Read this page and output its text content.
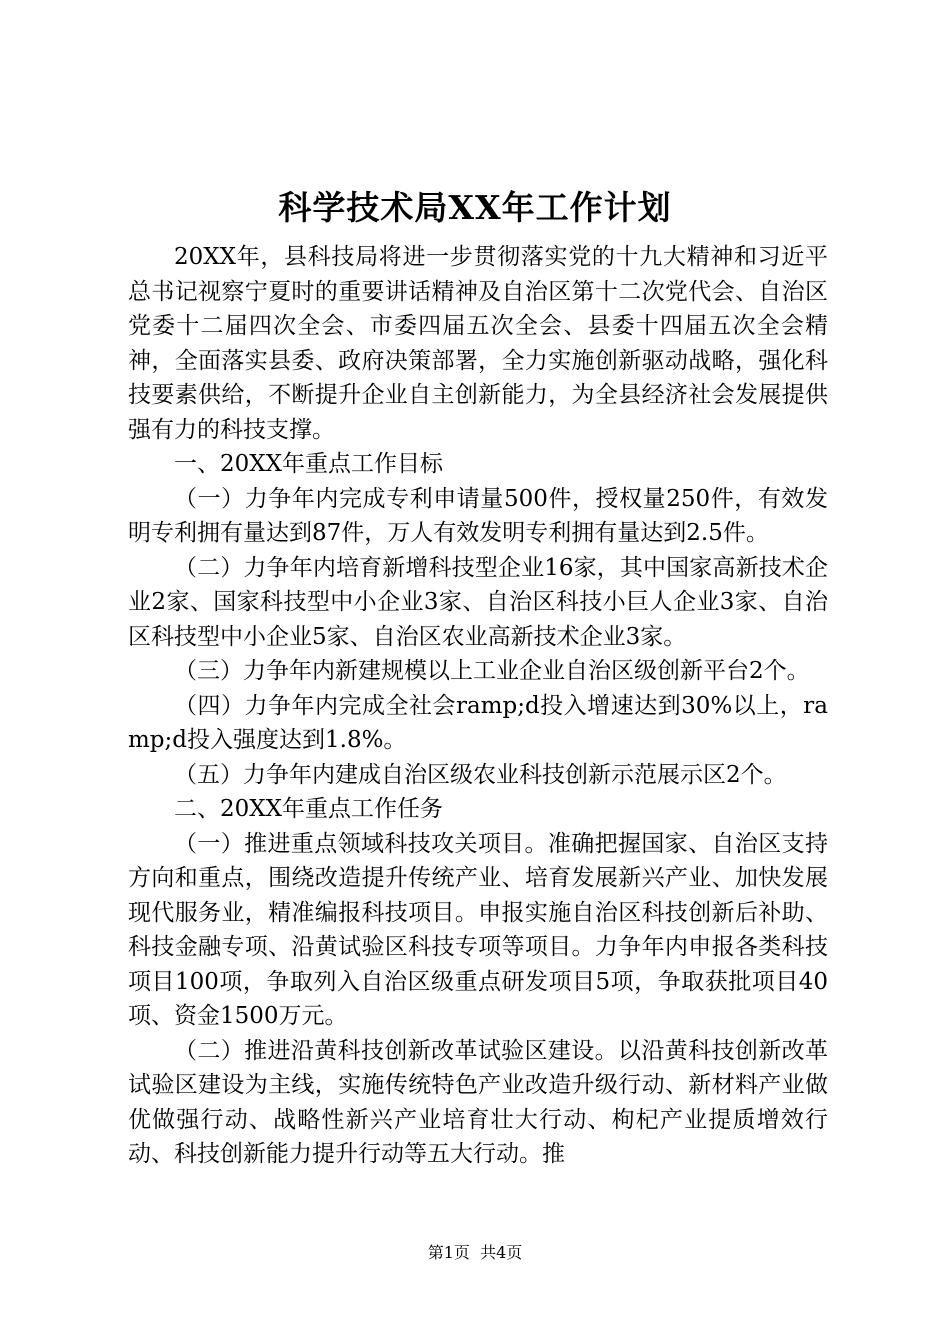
科学技术局XX年工作计划

20XX年，县科技局将进一步贯彻落实党的十九大精神和习近平总书记视察宁夏时的重要讲话精神及自治区第十二次党代会、自治区党委十二届四次全会、市委四届五次全会、县委十四届五次全会精神，全面落实县委、政府决策部署，全力实施创新驱动战略，强化科技要素供给，不断提升企业自主创新能力，为全县经济社会发展提供强有力的科技支撑。

一、20XX年重点工作目标

（一）力争年内完成专利申请量500件，授权量250件，有效发明专利拥有量达到87件，万人有效发明专利拥有量达到2.5件。

（二）力争年内培育新增科技型企业16家，其中国家高新技术企业2家、国家科技型中小企业3家、自治区科技小巨人企业3家、自治区科技型中小企业5家、自治区农业高新技术企业3家。

（三）力争年内新建规模以上工业企业自治区级创新平台2个。

（四）力争年内完成全社会ramp;d投入增速达到30%以上，ramp;d投入强度达到1.8%。

（五）力争年内建成自治区级农业科技创新示范展示区2个。

二、20XX年重点工作任务

（一）推进重点领域科技攻关项目。准确把握国家、自治区支持方向和重点，围绕改造提升传统产业、培育发展新兴产业、加快发展现代服务业，精准编报科技项目。申报实施自治区科技创新后补助、科技金融专项、沿黄试验区科技专项等项目。力争年内申报各类科技项目100项，争取列入自治区级重点研发项目5项，争取获批项目40项、资金1500万元。

（二）推进沿黄科技创新改革试验区建设。以沿黄科技创新改革试验区建设为主线，实施传统特色产业改造升级行动、新材料产业做优做强行动、战略性新兴产业培育壮大行动、枸杞产业提质增效行动、科技创新能力提升行动等五大行动。推

第1页  共4页
